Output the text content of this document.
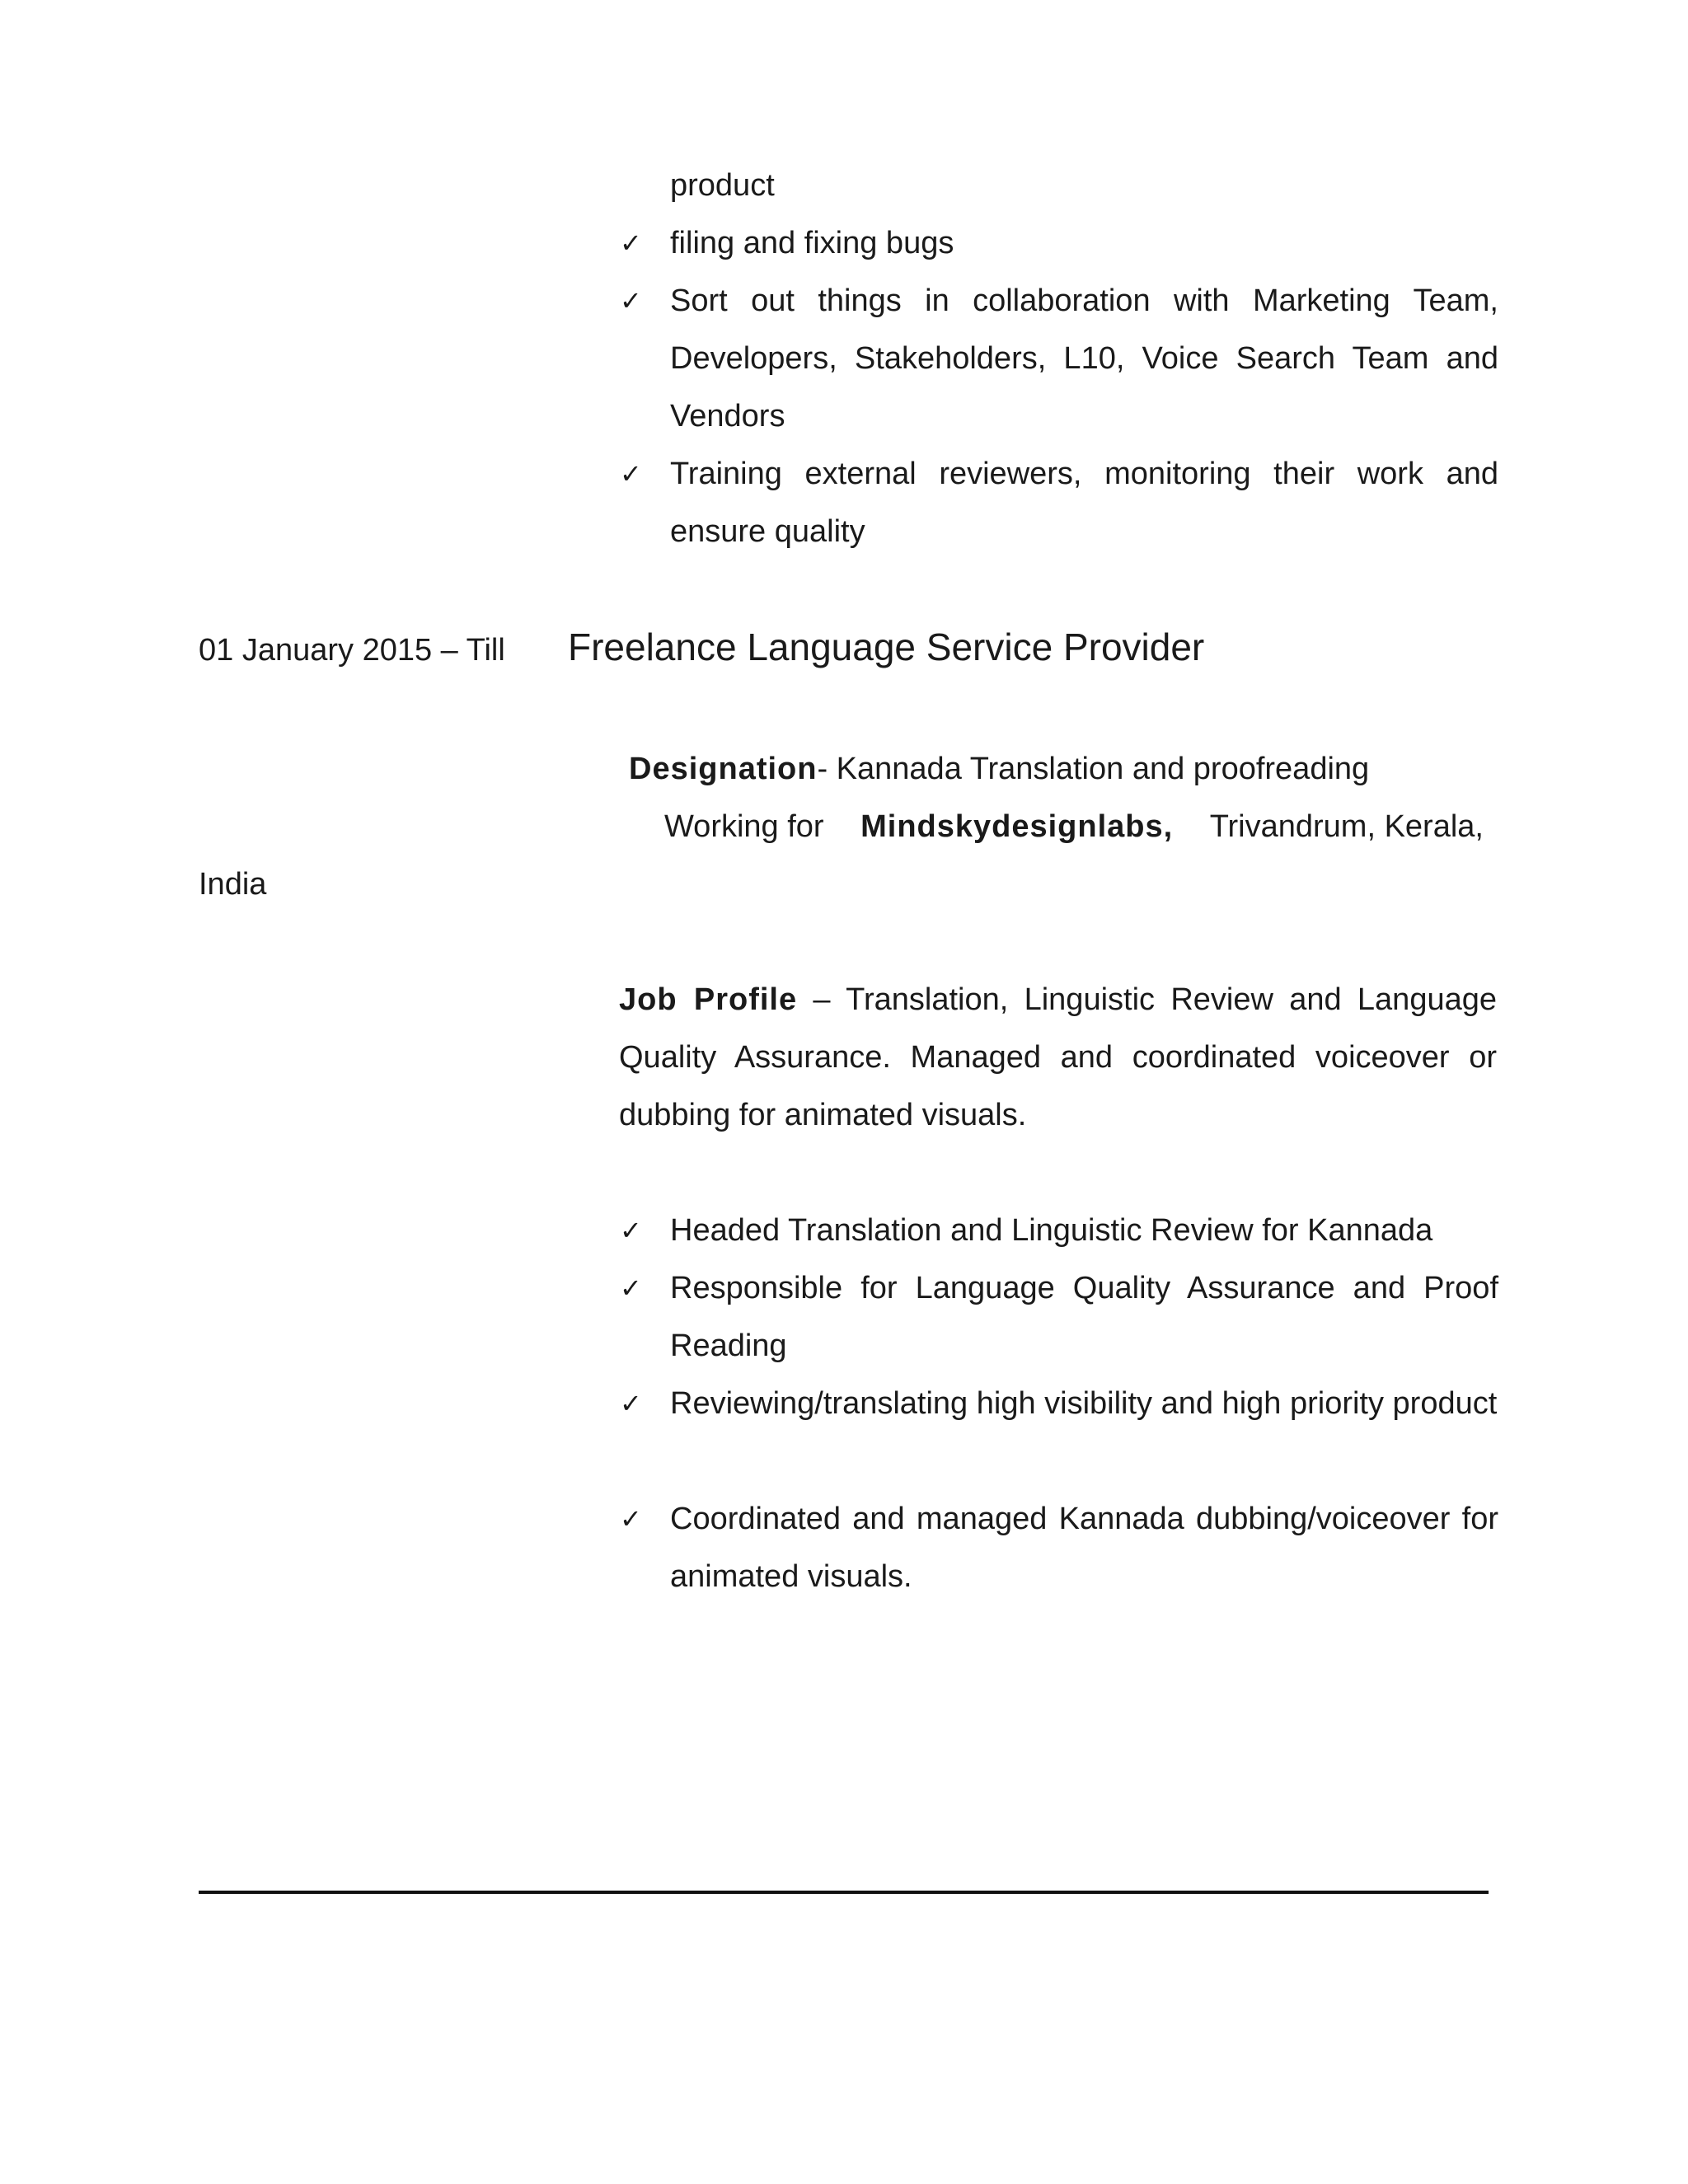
product
✓ filing and fixing bugs
✓ Sort out things in collaboration with Marketing Team, Developers, Stakeholders, L10, Voice Search Team and Vendors
✓ Training external reviewers, monitoring their work and ensure quality
01 January 2015 – Till Freelance Language Service Provider
Designation- Kannada Translation and proofreading
Working for Mindskydesignlabs, Trivandrum, Kerala,
India
Job Profile – Translation, Linguistic Review and Language Quality Assurance. Managed and coordinated voiceover or dubbing for animated visuals.
✓ Headed Translation and Linguistic Review for Kannada
✓ Responsible for Language Quality Assurance and Proof Reading
✓ Reviewing/translating high visibility and high priority product
✓ Coordinated and managed Kannada dubbing/voiceover for animated visuals.
